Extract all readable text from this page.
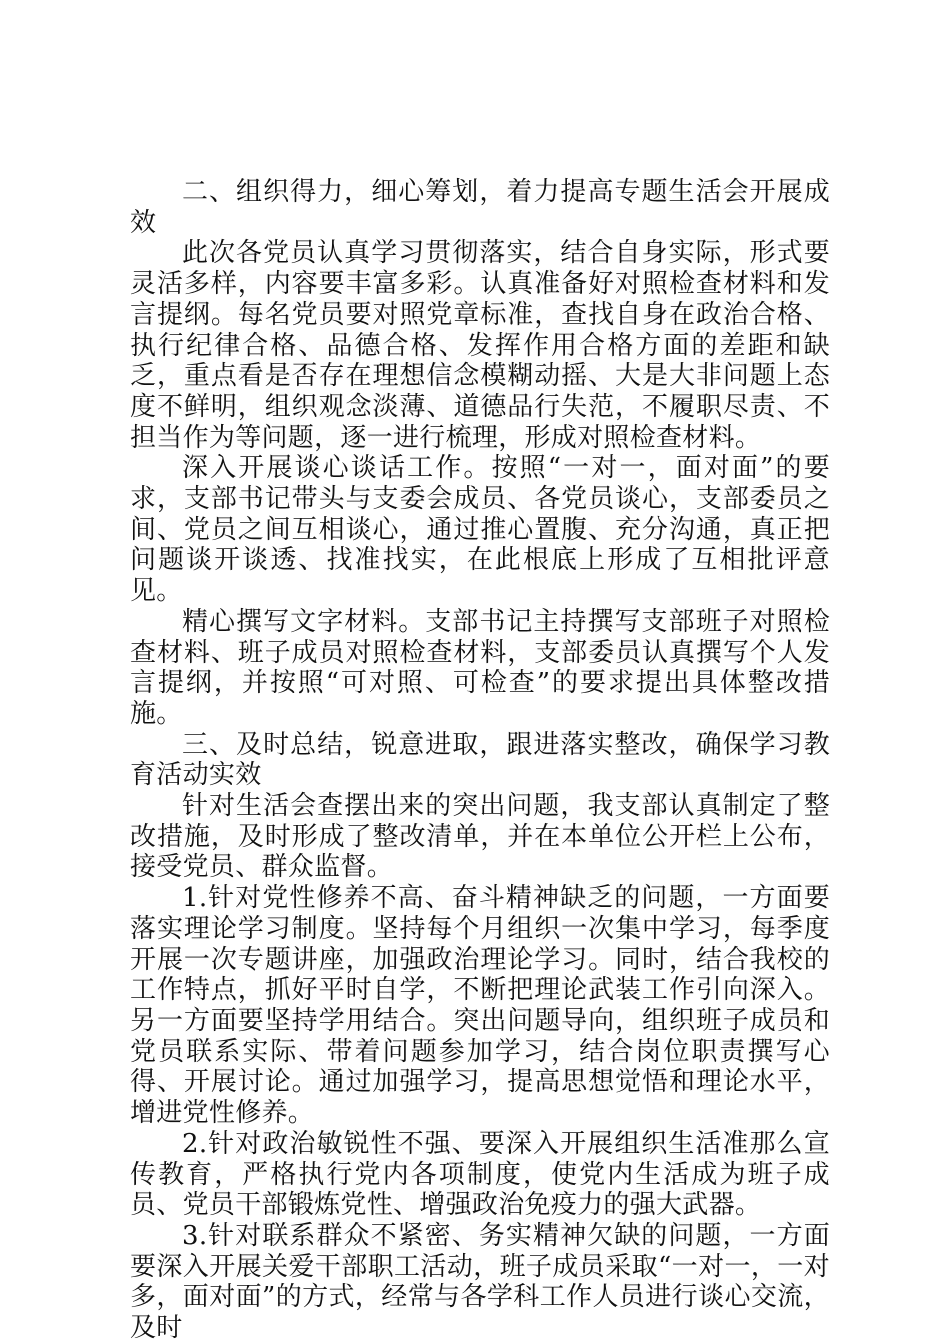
二、组织得力，细心筹划，着力提高专题生活会开展成效

此次各党员认真学习贯彻落实，结合自身实际，形式要灵活多样，内容要丰富多彩。认真准备好对照检查材料和发言提纲。每名党员要对照党章标准，查找自身在政治合格、执行纪律合格、品德合格、发挥作用合格方面的差距和缺乏，重点看是否存在理想信念模糊动摇、大是大非问题上态度不鲜明，组织观念淡薄、道德品行失范，不履职尽责、不担当作为等问题，逐一进行梳理，形成对照检查材料。

深入开展谈心谈话工作。按照“一对一，面对面”的要求，支部书记带头与支委会成员、各党员谈心，支部委员之间、党员之间互相谈心，通过推心置腹、充分沟通，真正把问题谈开谈透、找准找实，在此根底上形成了互相批评意见。

精心撰写文字材料。支部书记主持撰写支部班子对照检查材料、班子成员对照检查材料，支部委员认真撰写个人发言提纲，并按照“可对照、可检查”的要求提出具体整改措施。

三、及时总结，锐意进取，跟进落实整改，确保学习教育活动实效

针对生活会查摆出来的突出问题，我支部认真制定了整改措施，及时形成了整改清单，并在本单位公开栏上公布，接受党员、群众监督。

1.针对党性修养不高、奋斗精神缺乏的问题，一方面要落实理论学习制度。坚持每个月组织一次集中学习，每季度开展一次专题讲座，加强政治理论学习。同时，结合我校的工作特点，抓好平时自学，不断把理论武装工作引向深入。另一方面要坚持学用结合。突出问题导向，组织班子成员和党员联系实际、带着问题参加学习，结合岗位职责撰写心得、开展讨论。通过加强学习，提高思想觉悟和理论水平，增进党性修养。

2.针对政治敏锐性不强、要深入开展组织生活准那么宣传教育，严格执行党内各项制度，使党内生活成为班子成员、党员干部锻炼党性、增强政治免疫力的强大武器。

3.针对联系群众不紧密、务实精神欠缺的问题，一方面要深入开展关爱干部职工活动，班子成员采取“一对一，一对多，面对面”的方式，经常与各学科工作人员进行谈心交流，及时
